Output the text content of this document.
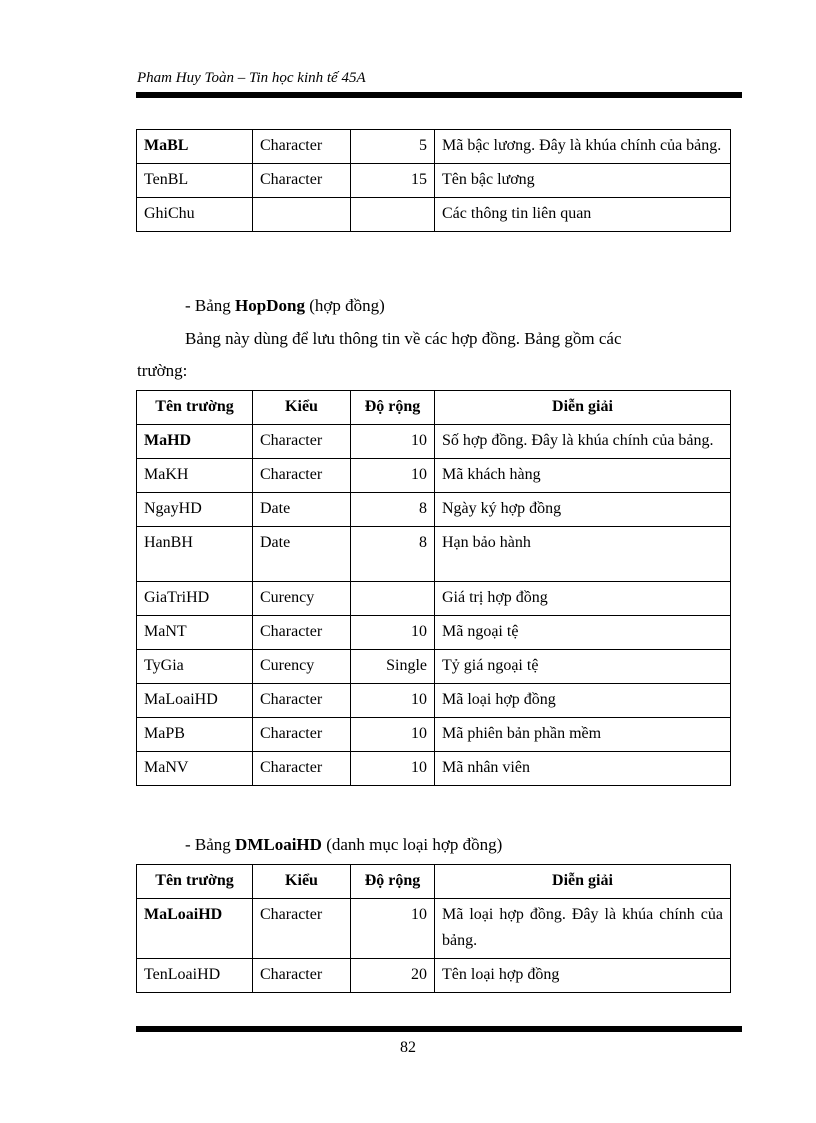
Pham Huy Toàn – Tin học kinh tế 45A
MaBL	Character	5	Mã bậc lương. Đây là khúa chính của bảng.
TenBL	Character	15	Tên bậc lương
GhiChu			Các thông tin liên quan
- Bảng HopDong (hợp đồng)
Bảng này dùng để lưu thông tin về các hợp đồng. Bảng gồm các
trường:
Tên trường	Kiểu	Độ rộng	Diễn giải
MaHD	Character	10	Số hợp đồng. Đây là khúa chính của bảng.
MaKH	Character	10	Mã khách hàng
NgayHD	Date	8	Ngày ký hợp đồng
HanBH	Date	8	Hạn bảo hành
GiaTriHD	Curency		Giá trị hợp đồng
MaNT	Character	10	Mã ngoại tệ
TyGia	Curency	Single	Tỷ giá ngoại tệ
MaLoaiHD	Character	10	Mã loại hợp đồng
MaPB	Character	10	Mã phiên bản phần mềm
MaNV	Character	10	Mã nhân viên
- Bảng DMLoaiHD (danh mục loại hợp đồng)
Tên trường	Kiểu	Độ rộng	Diễn giải
MaLoaiHD	Character	10	Mã loại hợp đồng. Đây là khúa chính của bảng.
TenLoaiHD	Character	20	Tên loại hợp đồng
82
